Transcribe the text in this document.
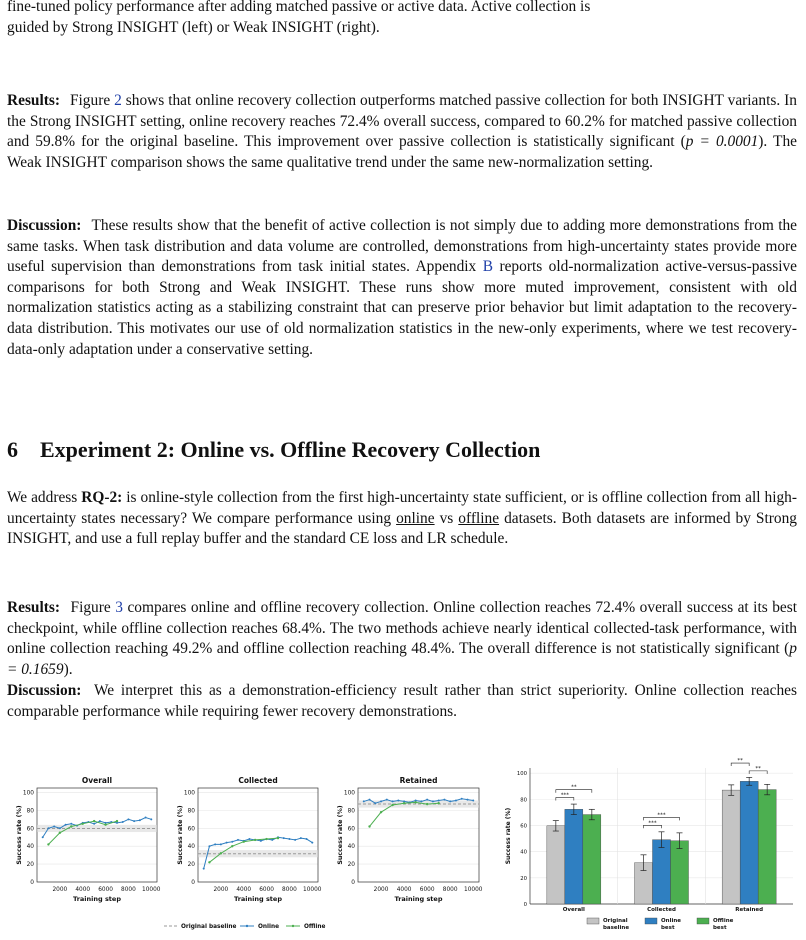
fine-tuned policy performance after adding matched passive or active data. Active collection is
guided by Strong INSIGHT (left) or Weak INSIGHT (right).

Results: Figure 2 shows that online recovery collection outperforms matched passive collection for both INSIGHT variants. In the Strong INSIGHT setting, online recovery reaches 72.4% overall success, compared to 60.2% for matched passive collection and 59.8% for the original baseline. This improvement over passive collection is statistically significant (p = 0.0001). The Weak INSIGHT comparison shows the same qualitative trend under the same new-normalization setting.

Discussion: These results show that the benefit of active collection is not simply due to adding more demonstrations from the same tasks. When task distribution and data volume are controlled, demonstrations from high-uncertainty states provide more useful supervision than demonstrations from task initial states. Appendix B reports old-normalization active-versus-passive comparisons for both Strong and Weak INSIGHT. These runs show more muted improvement, consistent with old normalization statistics acting as a stabilizing constraint that can preserve prior behavior but limit adaptation to the recovery-data distribution. This motivates our use of old normalization statistics in the new-only experiments, where we test recovery-data-only adaptation under a conservative setting.

6 Experiment 2: Online vs. Offline Recovery Collection

We address RQ-2: is online-style collection from the first high-uncertainty state sufficient, or is offline collection from all high-uncertainty states necessary? We compare performance using online vs offline datasets. Both datasets are informed by Strong INSIGHT, and use a full replay buffer and the standard CE loss and LR schedule.

Results: Figure 3 compares online and offline recovery collection. Online collection reaches 72.4% overall success at its best checkpoint, while offline collection reaches 68.4%. The two methods achieve nearly identical collected-task performance, with online collection reaching 49.2% and offline collection reaching 48.4%. The overall difference is not statistically significant (p = 0.1659).

Discussion: We interpret this as a demonstration-efficiency result rather than strict superiority. Online collection reaches comparable performance while requiring fewer recovery demonstrations.

Overall
0
20
40
60
80
100
2000 4000 6000 8000 10000
Training step
Success rate (%)
Collected
0
20
40
60
80
100
2000 4000 6000 8000 10000
Training step
Success rate (%)
Retained
0
20
40
60
80
100
2000 4000 6000 8000 10000
Training step
Success rate (%)
Original baseline	Online	Offline
0
20
40
60
80
100
Success rate (%)
Overall
***
**
Collected
***
***
Retained
**
**
Original
baseline
Online
best
Offline
best
